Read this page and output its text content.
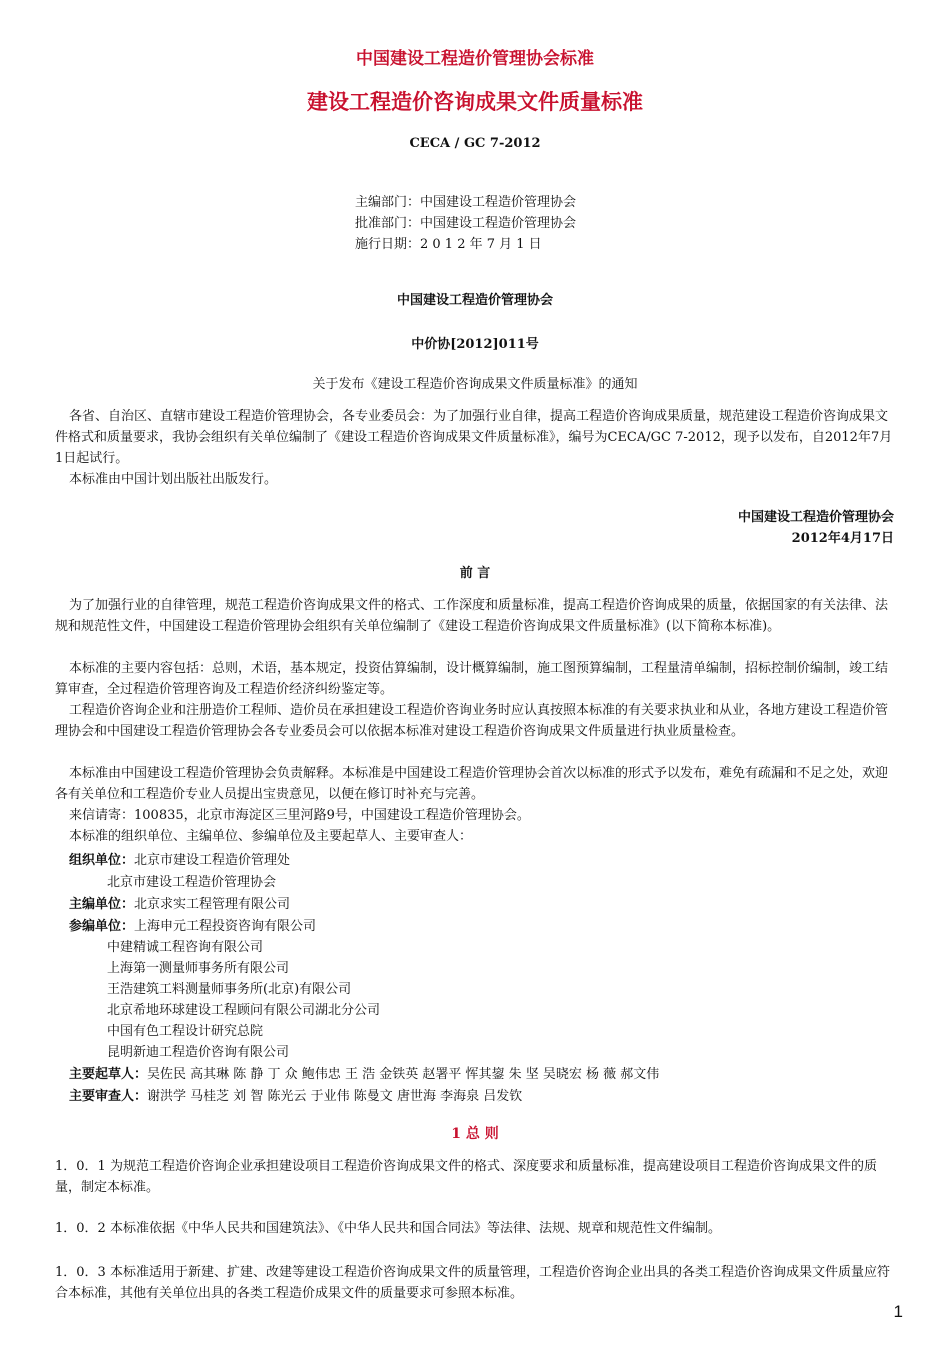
中国建设工程造价管理协会标准
建设工程造价咨询成果文件质量标准
CECA / GC 7-2012
主编部门：中国建设工程造价管理协会
批准部门：中国建设工程造价管理协会
施行日期：2 0 1 2 年 7 月 1 日
中国建设工程造价管理协会
中价协[2012]011号
关于发布《建设工程造价咨询成果文件质量标准》的通知
各省、自治区、直辖市建设工程造价管理协会，各专业委员会：为了加强行业自律，提高工程造价咨询成果质量，规范建设工程造价咨询成果文件格式和质量要求，我协会组织有关单位编制了《建设工程造价咨询成果文件质量标准》，编号为CECA/GC 7-2012，现予以发布，自2012年7月1日起试行。
本标准由中国计划出版社出版发行。
中国建设工程造价管理协会
2012年4月17日
前 言
为了加强行业的自律管理，规范工程造价咨询成果文件的格式、工作深度和质量标准，提高工程造价咨询成果的质量，依据国家的有关法律、法规和规范性文件，中国建设工程造价管理协会组织有关单位编制了《建设工程造价咨询成果文件质量标准》(以下简称本标准)。
本标准的主要内容包括：总则，术语，基本规定，投资估算编制，设计概算编制，施工图预算编制，工程量清单编制，招标控制价编制，竣工结算审查，全过程造价管理咨询及工程造价经济纠纷鉴定等。
工程造价咨询企业和注册造价工程师、造价员在承担建设工程造价咨询业务时应认真按照本标准的有关要求执业和从业，各地方建设工程造价管理协会和中国建设工程造价管理协会各专业委员会可以依据本标准对建设工程造价咨询成果文件质量进行执业质量检查。
本标准由中国建设工程造价管理协会负责解释。本标准是中国建设工程造价管理协会首次以标准的形式予以发布，难免有疏漏和不足之处，欢迎各有关单位和工程造价专业人员提出宝贵意见，以便在修订时补充与完善。
来信请寄：100835，北京市海淀区三里河路9号，中国建设工程造价管理协会。
本标准的组织单位、主编单位、参编单位及主要起草人、主要审查人：
组织单位：北京市建设工程造价管理处
北京市建设工程造价管理协会
主编单位：北京求实工程管理有限公司
参编单位：上海申元工程投资咨询有限公司
中建精诚工程咨询有限公司
上海第一测量师事务所有限公司
王浩建筑工料测量师事务所(北京)有限公司
北京希地环球建设工程顾问有限公司湖北分公司
中国有色工程设计研究总院
昆明新迪工程造价咨询有限公司
主要起草人：吴佐民 高其琳 陈 静 丁 众 鲍伟忠 王 浩 金铁英 赵署平 恽其鋆 朱 坚 吴晓宏 杨 薇 郝文伟
主要审查人：谢洪学 马桂芝 刘 智 陈光云 于业伟 陈曼文 唐世海 李海泉 吕发钦
1 总 则
1．0．1 为规范工程造价咨询企业承担建设项目工程造价咨询成果文件的格式、深度要求和质量标准，提高建设项目工程造价咨询成果文件的质量，制定本标准。
1．0．2 本标准依据《中华人民共和国建筑法》、《中华人民共和国合同法》等法律、法规、规章和规范性文件编制。
1．0．3 本标准适用于新建、扩建、改建等建设工程造价咨询成果文件的质量管理，工程造价咨询企业出具的各类工程造价咨询成果文件质量应符合本标准，其他有关单位出具的各类工程造价成果文件的质量要求可参照本标准。
1
